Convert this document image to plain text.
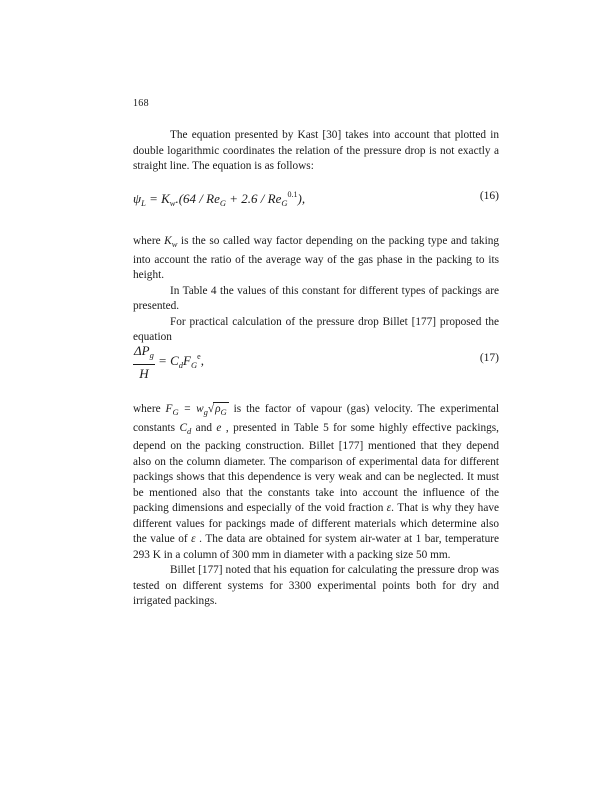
168

The equation presented by Kast [30] takes into account that plotted in double logarithmic coordinates the relation of the pressure drop is not exactly a straight line. The equation is as follows:

$\psi_L = K_w.(64 / Re_G + 2.6 / Re_G^{0.1})$,	(16)

where $K_w$ is the so called way factor depending on the packing type and taking into account the ratio of the average way of the gas phase in the packing to its height.

In Table 4 the values of this constant for different types of packings are presented.

For practical calculation of the pressure drop Billet [177] proposed the equation

$\frac{\Delta P_g}{H} = C_dF_G^e$,	(17)

where $F_G = w_g√\rho_G$ is the factor of vapour (gas) velocity. The experimental constants $C_d$ and e , presented in Table 5 for some highly effective packings, depend on the packing construction. Billet [177] mentioned that they depend also on the column diameter. The comparison of experimental data for different packings shows that this dependence is very weak and can be neglected. It must be mentioned also that the constants take into account the influence of the packing dimensions and especially of the void fraction ε. That is why they have different values for packings made of different materials which determine also the value of ε . The data are obtained for system air-water at 1 bar, temperature 293 K in a column of 300 mm in diameter with a packing size 50 mm.

Billet [177] noted that his equation for calculating the pressure drop was tested on different systems for 3300 experimental points both for dry and irrigated packings.
